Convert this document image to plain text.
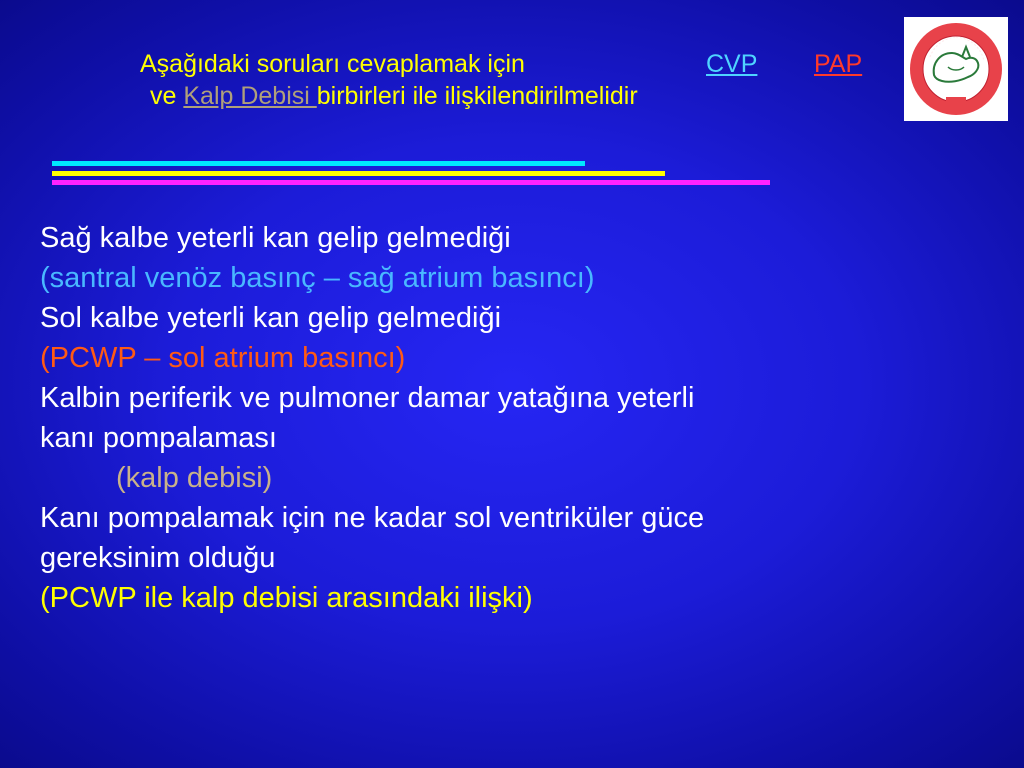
Aşağıdaki soruları cevaplamak için	CVP PAP
ve Kalp Debisi birbirleri ile ilişkilendirilmelidir
Sağ kalbe yeterli kan gelip gelmediği
(santral venöz basınç – sağ atrium basıncı)
Sol kalbe yeterli kan gelip gelmediği
(PCWP – sol atrium basıncı)
Kalbin periferik ve pulmoner damar yatağına yeterli
kanı pompalaması
(kalp debisi)
Kanı pompalamak için ne kadar sol ventriküler güce
gereksinim olduğu
(PCWP ile kalp debisi arasındaki ilişki)
